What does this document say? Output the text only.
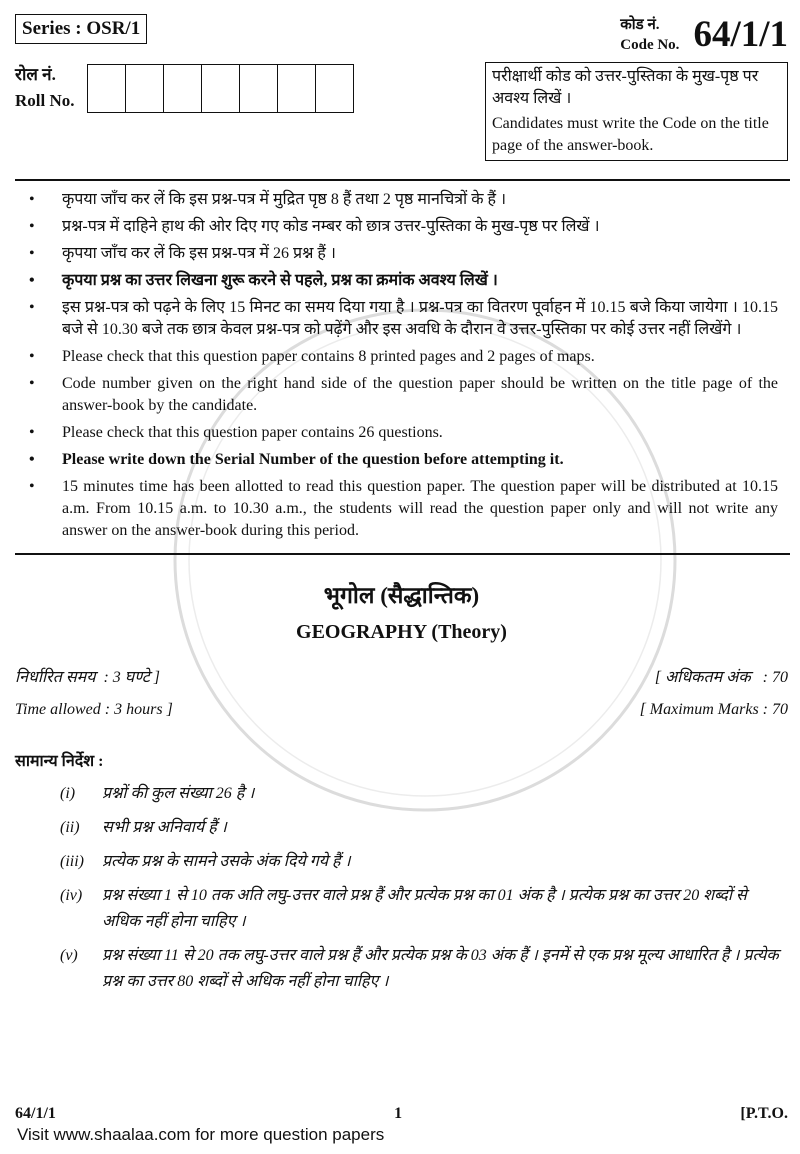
Series : OSR/1
रोल नं.
Roll No.
कोड नं.
Code No. 64/1/1
परीक्षार्थी कोड को उत्तर-पुस्तिका के मुख-पृष्ठ पर अवश्य लिखें ।
Candidates must write the Code on the title page of the answer-book.
• कृपया जाँच कर लें कि इस प्रश्न-पत्र में मुद्रित पृष्ठ 8 हैं तथा 2 पृष्ठ मानचित्रों के हैं ।
• प्रश्न-पत्र में दाहिने हाथ की ओर दिए गए कोड नम्बर को छात्र उत्तर-पुस्तिका के मुख-पृष्ठ पर लिखें ।
• कृपया जाँच कर लें कि इस प्रश्न-पत्र में 26 प्रश्न हैं ।
• कृपया प्रश्न का उत्तर लिखना शुरू करने से पहले, प्रश्न का क्रमांक अवश्य लिखें ।
• इस प्रश्न-पत्र को पढ़ने के लिए 15 मिनट का समय दिया गया है । प्रश्न-पत्र का वितरण पूर्वाहन में 10.15 बजे किया जायेगा । 10.15 बजे से 10.30 बजे तक छात्र केवल प्रश्न-पत्र को पढ़ेंगे और इस अवधि के दौरान वे उत्तर-पुस्तिका पर कोई उत्तर नहीं लिखेंगे ।
• Please check that this question paper contains 8 printed pages and 2 pages of maps.
• Code number given on the right hand side of the question paper should be written on the title page of the answer-book by the candidate.
• Please check that this question paper contains 26 questions.
• Please write down the Serial Number of the question before attempting it.
• 15 minutes time has been allotted to read this question paper. The question paper will be distributed at 10.15 a.m. From 10.15 a.m. to 10.30 a.m., the students will read the question paper only and will not write any answer on the answer-book during this period.
भूगोल (सैद्धान्तिक)
GEOGRAPHY (Theory)
निर्धारित समय  : 3 घण्टे ]	[ अधिकतम अंक   : 70
Time allowed : 3 hours ]	[ Maximum Marks : 70
सामान्य निर्देश :
(i)	प्रश्नों की कुल संख्या 26 है ।
(ii)	सभी प्रश्न अनिवार्य हैं ।
(iii)	प्रत्येक प्रश्न के सामने उसके अंक दिये गये हैं ।
(iv)	प्रश्न संख्या 1 से 10 तक अति लघु-उत्तर वाले प्रश्न हैं और प्रत्येक प्रश्न का 01 अंक है । प्रत्येक प्रश्न का उत्तर 20 शब्दों से अधिक नहीं होना चाहिए ।
(v)	प्रश्न संख्या 11 से 20 तक लघु-उत्तर वाले प्रश्न हैं और प्रत्येक प्रश्न के 03 अंक हैं । इनमें से एक प्रश्न मूल्य आधारित है । प्रत्येक प्रश्न का उत्तर 80 शब्दों से अधिक नहीं होना चाहिए ।
64/1/1	1	[P.T.O.
Visit www.shaalaa.com for more question papers
